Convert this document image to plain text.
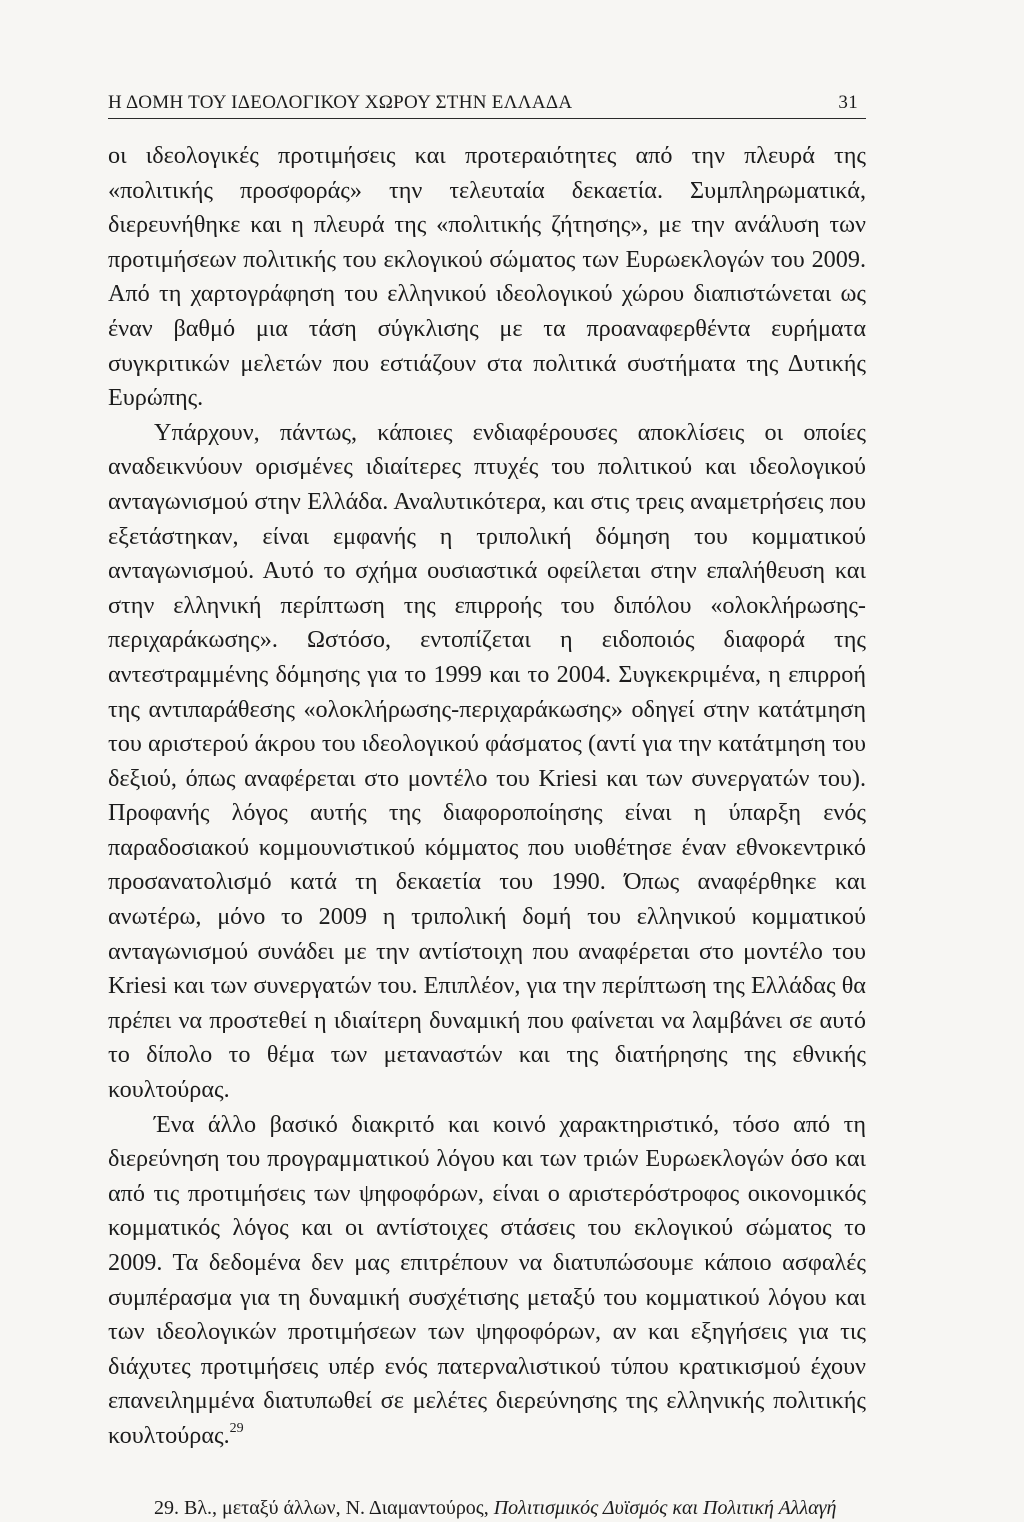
Η ΔΟΜΗ ΤΟΥ ΙΔΕΟΛΟΓΙΚΟΥ ΧΩΡΟΥ ΣΤΗΝ ΕΛΛΑΔΑ	31

οι ιδεολογικές προτιμήσεις και προτεραιότητες από την πλευρά της «πολιτικής προσφοράς» την τελευταία δεκαετία. Συμπληρωματικά, διερευνήθηκε και η πλευρά της «πολιτικής ζήτησης», με την ανάλυση των προτιμήσεων πολιτικής του εκλογικού σώματος των Ευρωεκλογών του 2009. Από τη χαρτογράφηση του ελληνικού ιδεολογικού χώρου διαπιστώνεται ως έναν βαθμό μια τάση σύγκλισης με τα προαναφερθέντα ευρήματα συγκριτικών μελετών που εστιάζουν στα πολιτικά συστήματα της Δυτικής Ευρώπης.

Υπάρχουν, πάντως, κάποιες ενδιαφέρουσες αποκλίσεις οι οποίες αναδεικνύουν ορισμένες ιδιαίτερες πτυχές του πολιτικού και ιδεολογικού ανταγωνισμού στην Ελλάδα. Αναλυτικότερα, και στις τρεις αναμετρήσεις που εξετάστηκαν, είναι εμφανής η τριπολική δόμηση του κομματικού ανταγωνισμού. Αυτό το σχήμα ουσιαστικά οφείλεται στην επαλήθευση και στην ελληνική περίπτωση της επιρροής του διπόλου «ολοκλήρωσης-περιχαράκωσης». Ωστόσο, εντοπίζεται η ειδοποιός διαφορά της αντεστραμμένης δόμησης για το 1999 και το 2004. Συγκεκριμένα, η επιρροή της αντιπαράθεσης «ολοκλήρωσης-περιχαράκωσης» οδηγεί στην κατάτμηση του αριστερού άκρου του ιδεολογικού φάσματος (αντί για την κατάτμηση του δεξιού, όπως αναφέρεται στο μοντέλο του Kriesi και των συνεργατών του). Προφανής λόγος αυτής της διαφοροποίησης είναι η ύπαρξη ενός παραδοσιακού κομμουνιστικού κόμματος που υιοθέτησε έναν εθνοκεντρικό προσανατολισμό κατά τη δεκαετία του 1990. Όπως αναφέρθηκε και ανωτέρω, μόνο το 2009 η τριπολική δομή του ελληνικού κομματικού ανταγωνισμού συνάδει με την αντίστοιχη που αναφέρεται στο μοντέλο του Kriesi και των συνεργατών του. Επιπλέον, για την περίπτωση της Ελλάδας θα πρέπει να προστεθεί η ιδιαίτερη δυναμική που φαίνεται να λαμβάνει σε αυτό το δίπολο το θέμα των μεταναστών και της διατήρησης της εθνικής κουλτούρας.

Ένα άλλο βασικό διακριτό και κοινό χαρακτηριστικό, τόσο από τη διερεύνηση του προγραμματικού λόγου και των τριών Ευρωεκλογών όσο και από τις προτιμήσεις των ψηφοφόρων, είναι ο αριστερόστροφος οικονομικός κομματικός λόγος και οι αντίστοιχες στάσεις του εκλογικού σώματος το 2009. Τα δεδομένα δεν μας επιτρέπουν να διατυπώσουμε κάποιο ασφαλές συμπέρασμα για τη δυναμική συσχέτισης μεταξύ του κομματικού λόγου και των ιδεολογικών προτιμήσεων των ψηφοφόρων, αν και εξηγήσεις για τις διάχυτες προτιμήσεις υπέρ ενός πατερναλιστικού τύπου κρατικισμού έχουν επανειλημμένα διατυπωθεί σε μελέτες διερεύνησης της ελληνικής πολιτικής κουλτούρας.$^{29}$

29. Βλ., μεταξύ άλλων, Ν. Διαμαντούρος, Πολιτισμικός Δυϊσμός και Πολιτική Αλλαγή
